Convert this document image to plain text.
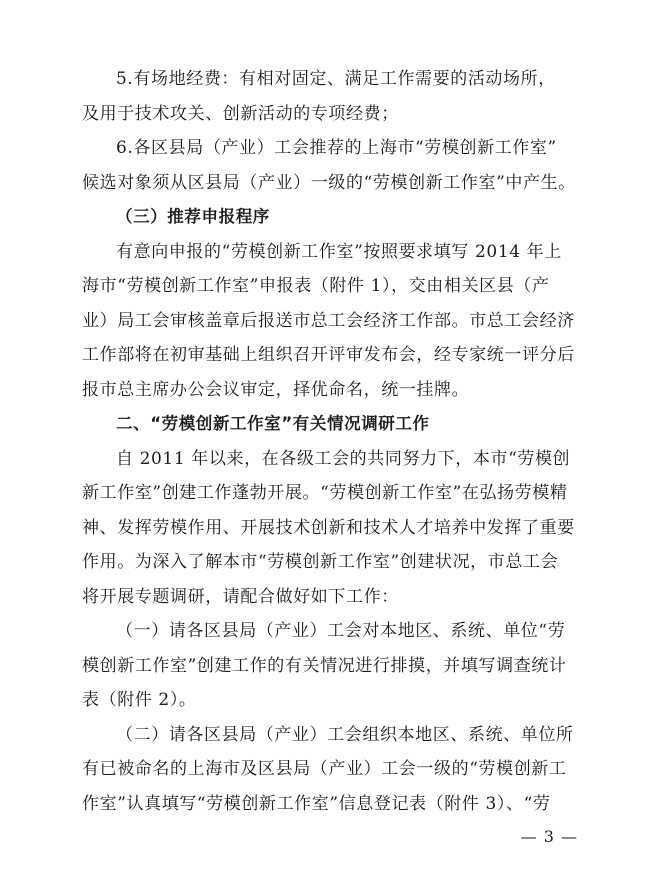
5.有场地经费：有相对固定、满足工作需要的活动场所，
及用于技术攻关、创新活动的专项经费；
6.各区县局（产业）工会推荐的上海市“劳模创新工作室”
候选对象须从区县局（产业）一级的“劳模创新工作室”中产生。
（三）推荐申报程序
有意向申报的“劳模创新工作室”按照要求填写 2014 年上
海市“劳模创新工作室”申报表（附件 1），交由相关区县（产
业）局工会审核盖章后报送市总工会经济工作部。市总工会经济
工作部将在初审基础上组织召开评审发布会，经专家统一评分后
报市总主席办公会议审定，择优命名，统一挂牌。
二、“劳模创新工作室”有关情况调研工作
自 2011 年以来，在各级工会的共同努力下，本市“劳模创
新工作室”创建工作蓬勃开展。“劳模创新工作室”在弘扬劳模精
神、发挥劳模作用、开展技术创新和技术人才培养中发挥了重要
作用。为深入了解本市“劳模创新工作室”创建状况，市总工会
将开展专题调研，请配合做好如下工作：
（一）请各区县局（产业）工会对本地区、系统、单位“劳
模创新工作室”创建工作的有关情况进行排摸，并填写调查统计
表（附件 2）。
（二）请各区县局（产业）工会组织本地区、系统、单位所
有已被命名的上海市及区县局（产业）工会一级的“劳模创新工
作室”认真填写“劳模创新工作室”信息登记表（附件 3）、“劳
— 3 —
